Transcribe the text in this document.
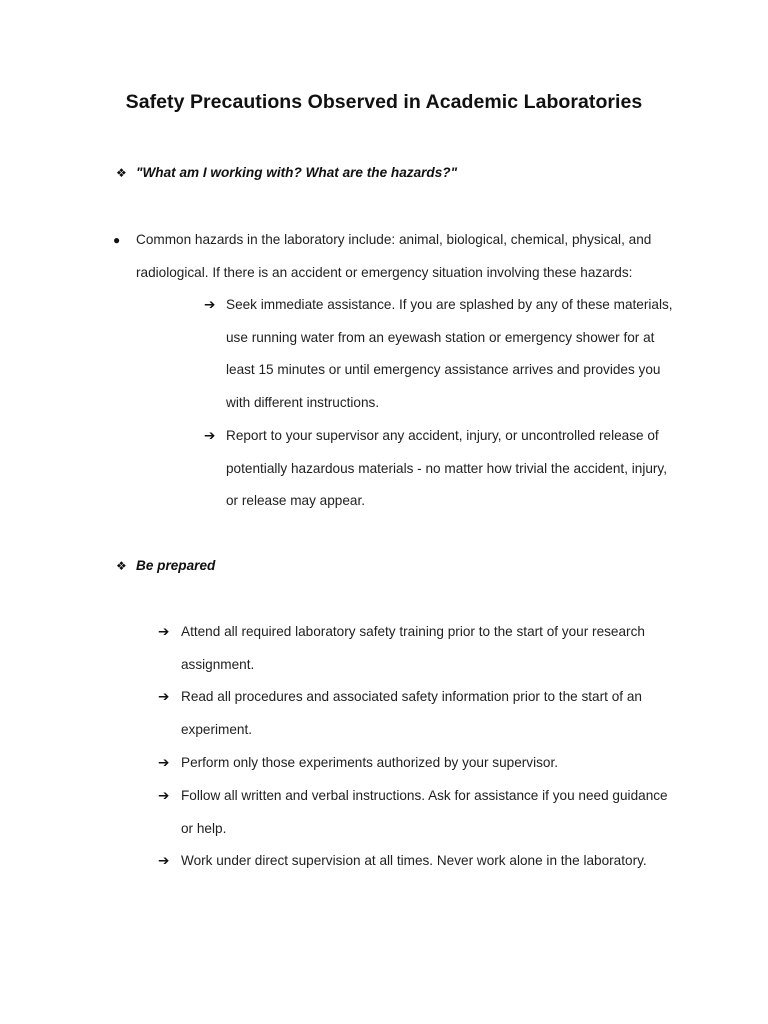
Safety Precautions Observed in Academic Laboratories
❖ "What am I working with? What are the hazards?"
● Common hazards in the laboratory include: animal, biological, chemical, physical, and radiological. If there is an accident or emergency situation involving these hazards:
➔ Seek immediate assistance. If you are splashed by any of these materials, use running water from an eyewash station or emergency shower for at least 15 minutes or until emergency assistance arrives and provides you with different instructions.
➔ Report to your supervisor any accident, injury, or uncontrolled release of potentially hazardous materials - no matter how trivial the accident, injury, or release may appear.
❖ Be prepared
➔ Attend all required laboratory safety training prior to the start of your research assignment.
➔ Read all procedures and associated safety information prior to the start of an experiment.
➔ Perform only those experiments authorized by your supervisor.
➔ Follow all written and verbal instructions. Ask for assistance if you need guidance or help.
➔ Work under direct supervision at all times. Never work alone in the laboratory.
